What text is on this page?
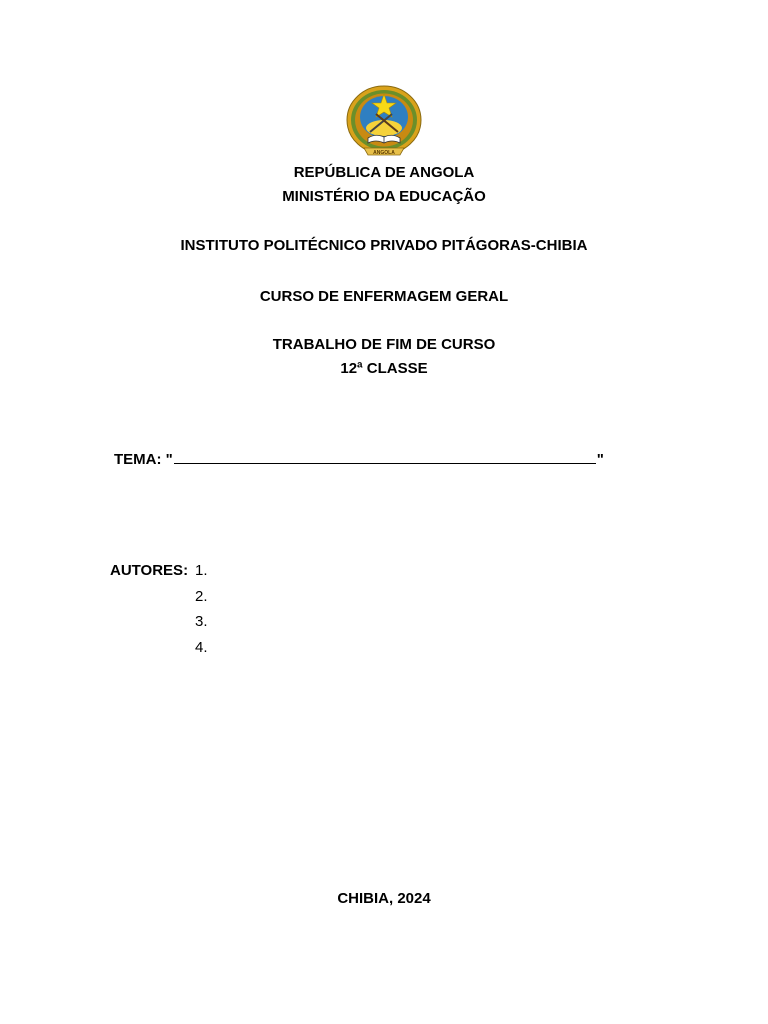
ANGOLA
REPÚBLICA DE ANGOLA
MINISTÉRIO DA EDUCAÇÃO
INSTITUTO POLITÉCNICO PRIVADO PITÁGORAS-CHIBIA
CURSO DE ENFERMAGEM GERAL
TRABALHO DE FIM DE CURSO
12ª CLASSE
TEMA: "	"
AUTORES: 1.
2.
3.
4.
CHIBIA, 2024
